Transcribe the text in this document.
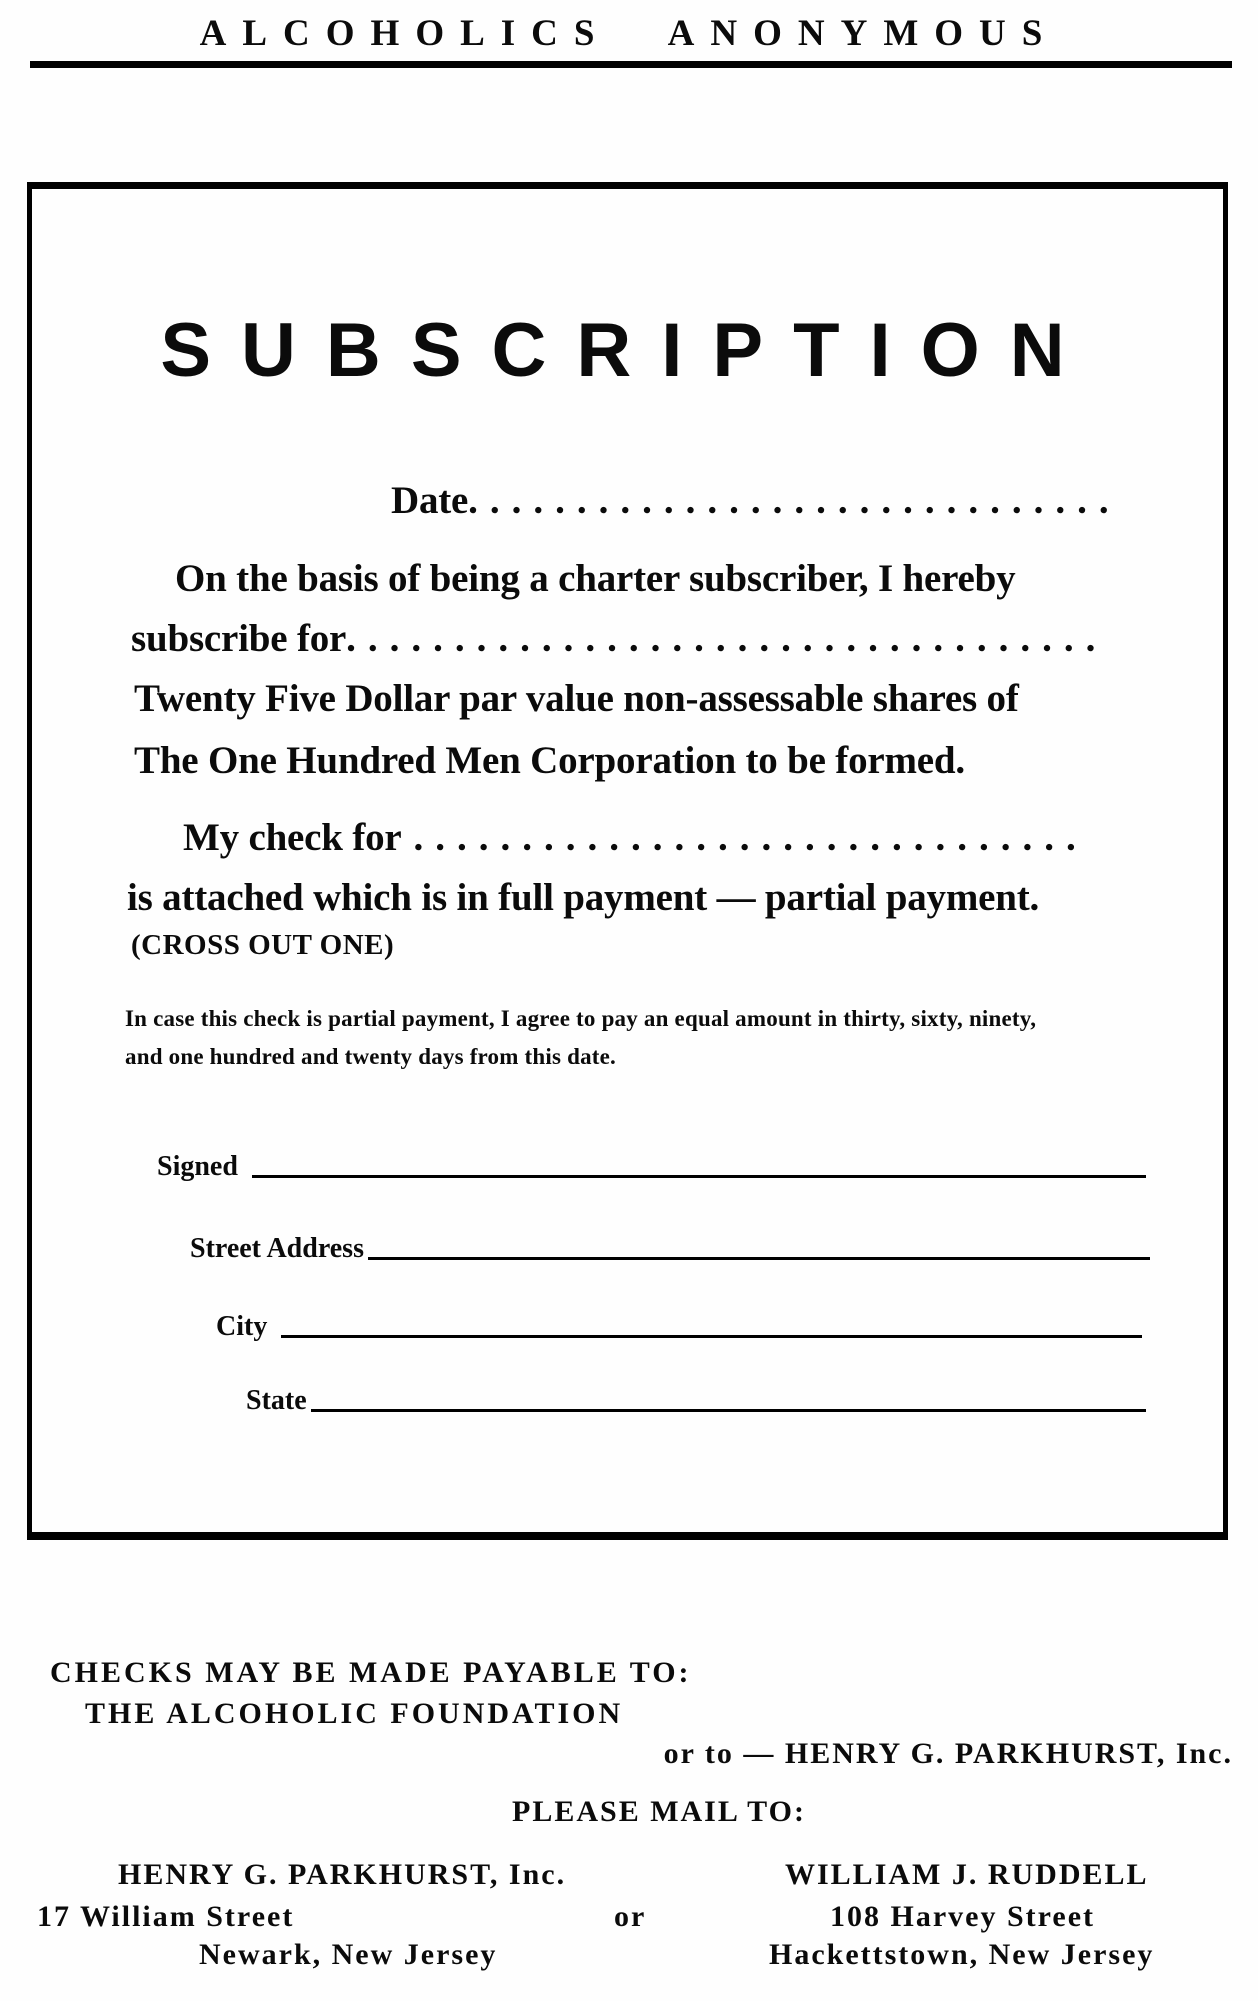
ALCOHOLICS ANONYMOUS
SUBSCRIPTION
Date..............................
On the basis of being a charter subscriber, I hereby
subscribe for...................................
Twenty Five Dollar par value non-assessable shares of
The One Hundred Men Corporation to be formed.
My check for ...............................
is attached which is in full payment — partial payment.
(CROSS OUT ONE)
In case this check is partial payment, I agree to pay an equal amount in thirty, sixty, ninety,
and one hundred and twenty days from this date.
Signed
Street Address
City
State
CHECKS MAY BE MADE PAYABLE TO:
THE ALCOHOLIC FOUNDATION
or to — HENRY G. PARKHURST, Inc.
PLEASE MAIL TO:
HENRY G. PARKHURST, Inc.
17 William Street
Newark, New Jersey
or
WILLIAM J. RUDDELL
108 Harvey Street
Hackettstown, New Jersey
